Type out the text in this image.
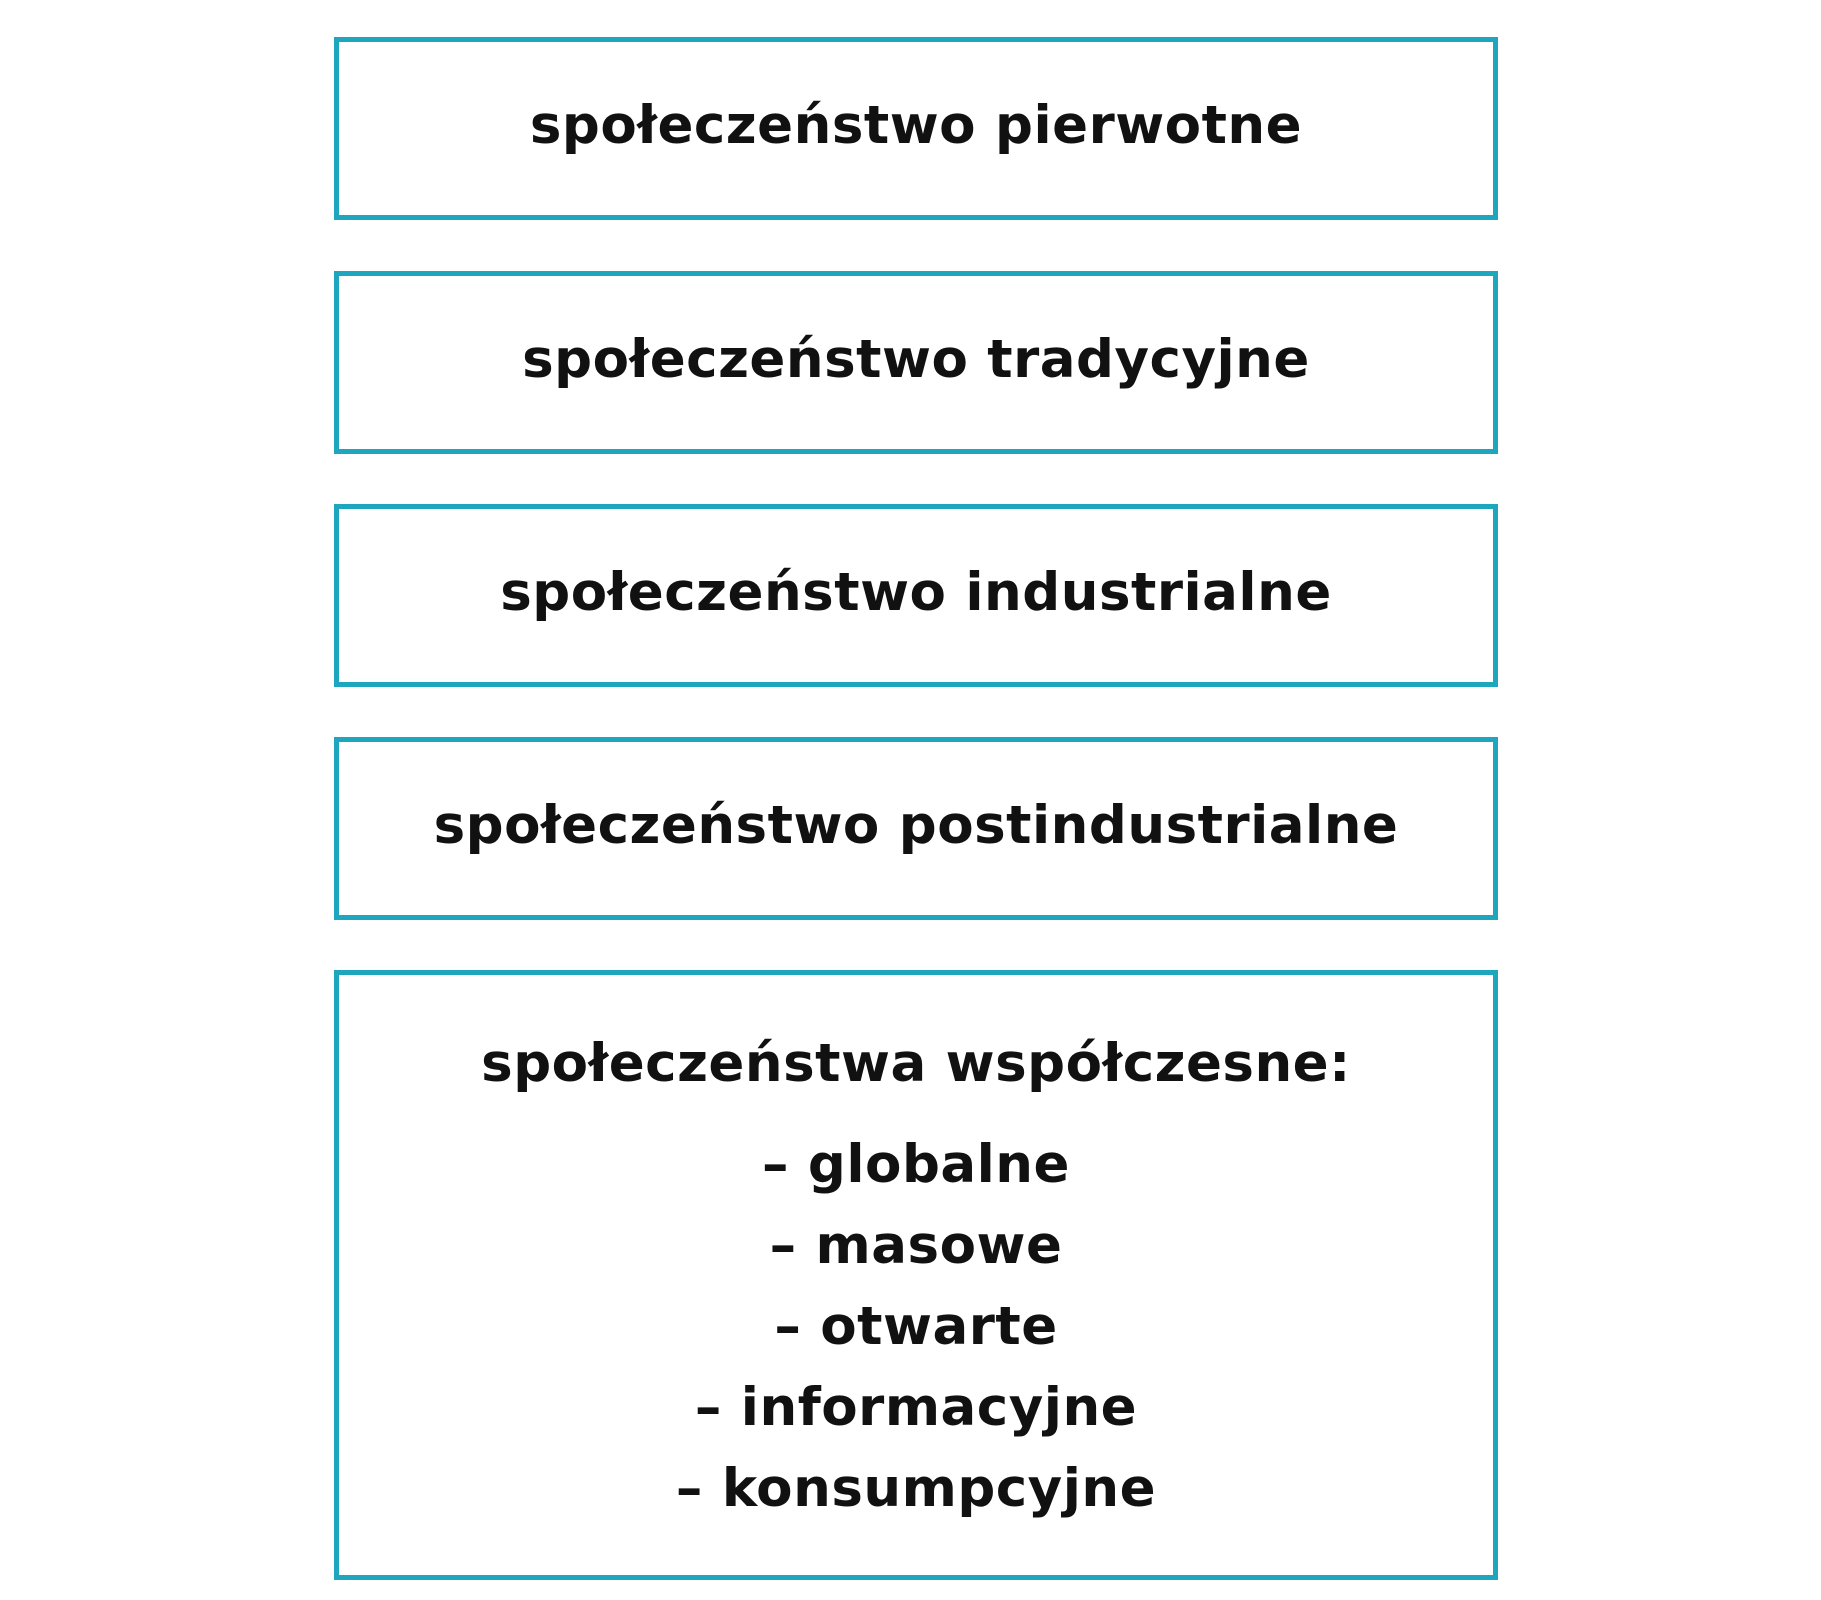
społeczeństwo pierwotne
społeczeństwo tradycyjne
społeczeństwo industrialne
społeczeństwo postindustrialne
społeczeństwa współczesne:
– globalne
– masowe
– otwarte
– informacyjne
– konsumpcyjne
